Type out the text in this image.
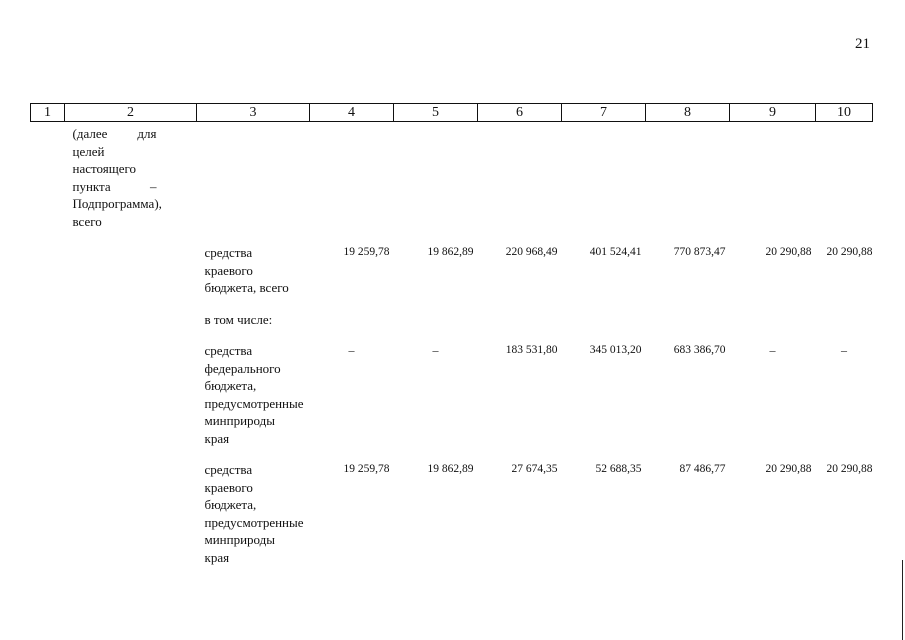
21
1	2	3	4	5	6	7	8	9	10

	(далее для целей настоящего пункта – Подпрограмма), всего								

		средства краевого бюджета, всего	19 259,78	19 862,89	220 968,49	401 524,41	770 873,47	20 290,88	20 290,88
		в том числе:							
		средства федерального бюджета, предусмотренные минприроды края	–	–	183 531,80	345 013,20	683 386,70	–	–
		средства краевого бюджета, предусмотренные минприроды края	19 259,78	19 862,89	27 674,35	52 688,35	87 486,77	20 290,88	20 290,88
